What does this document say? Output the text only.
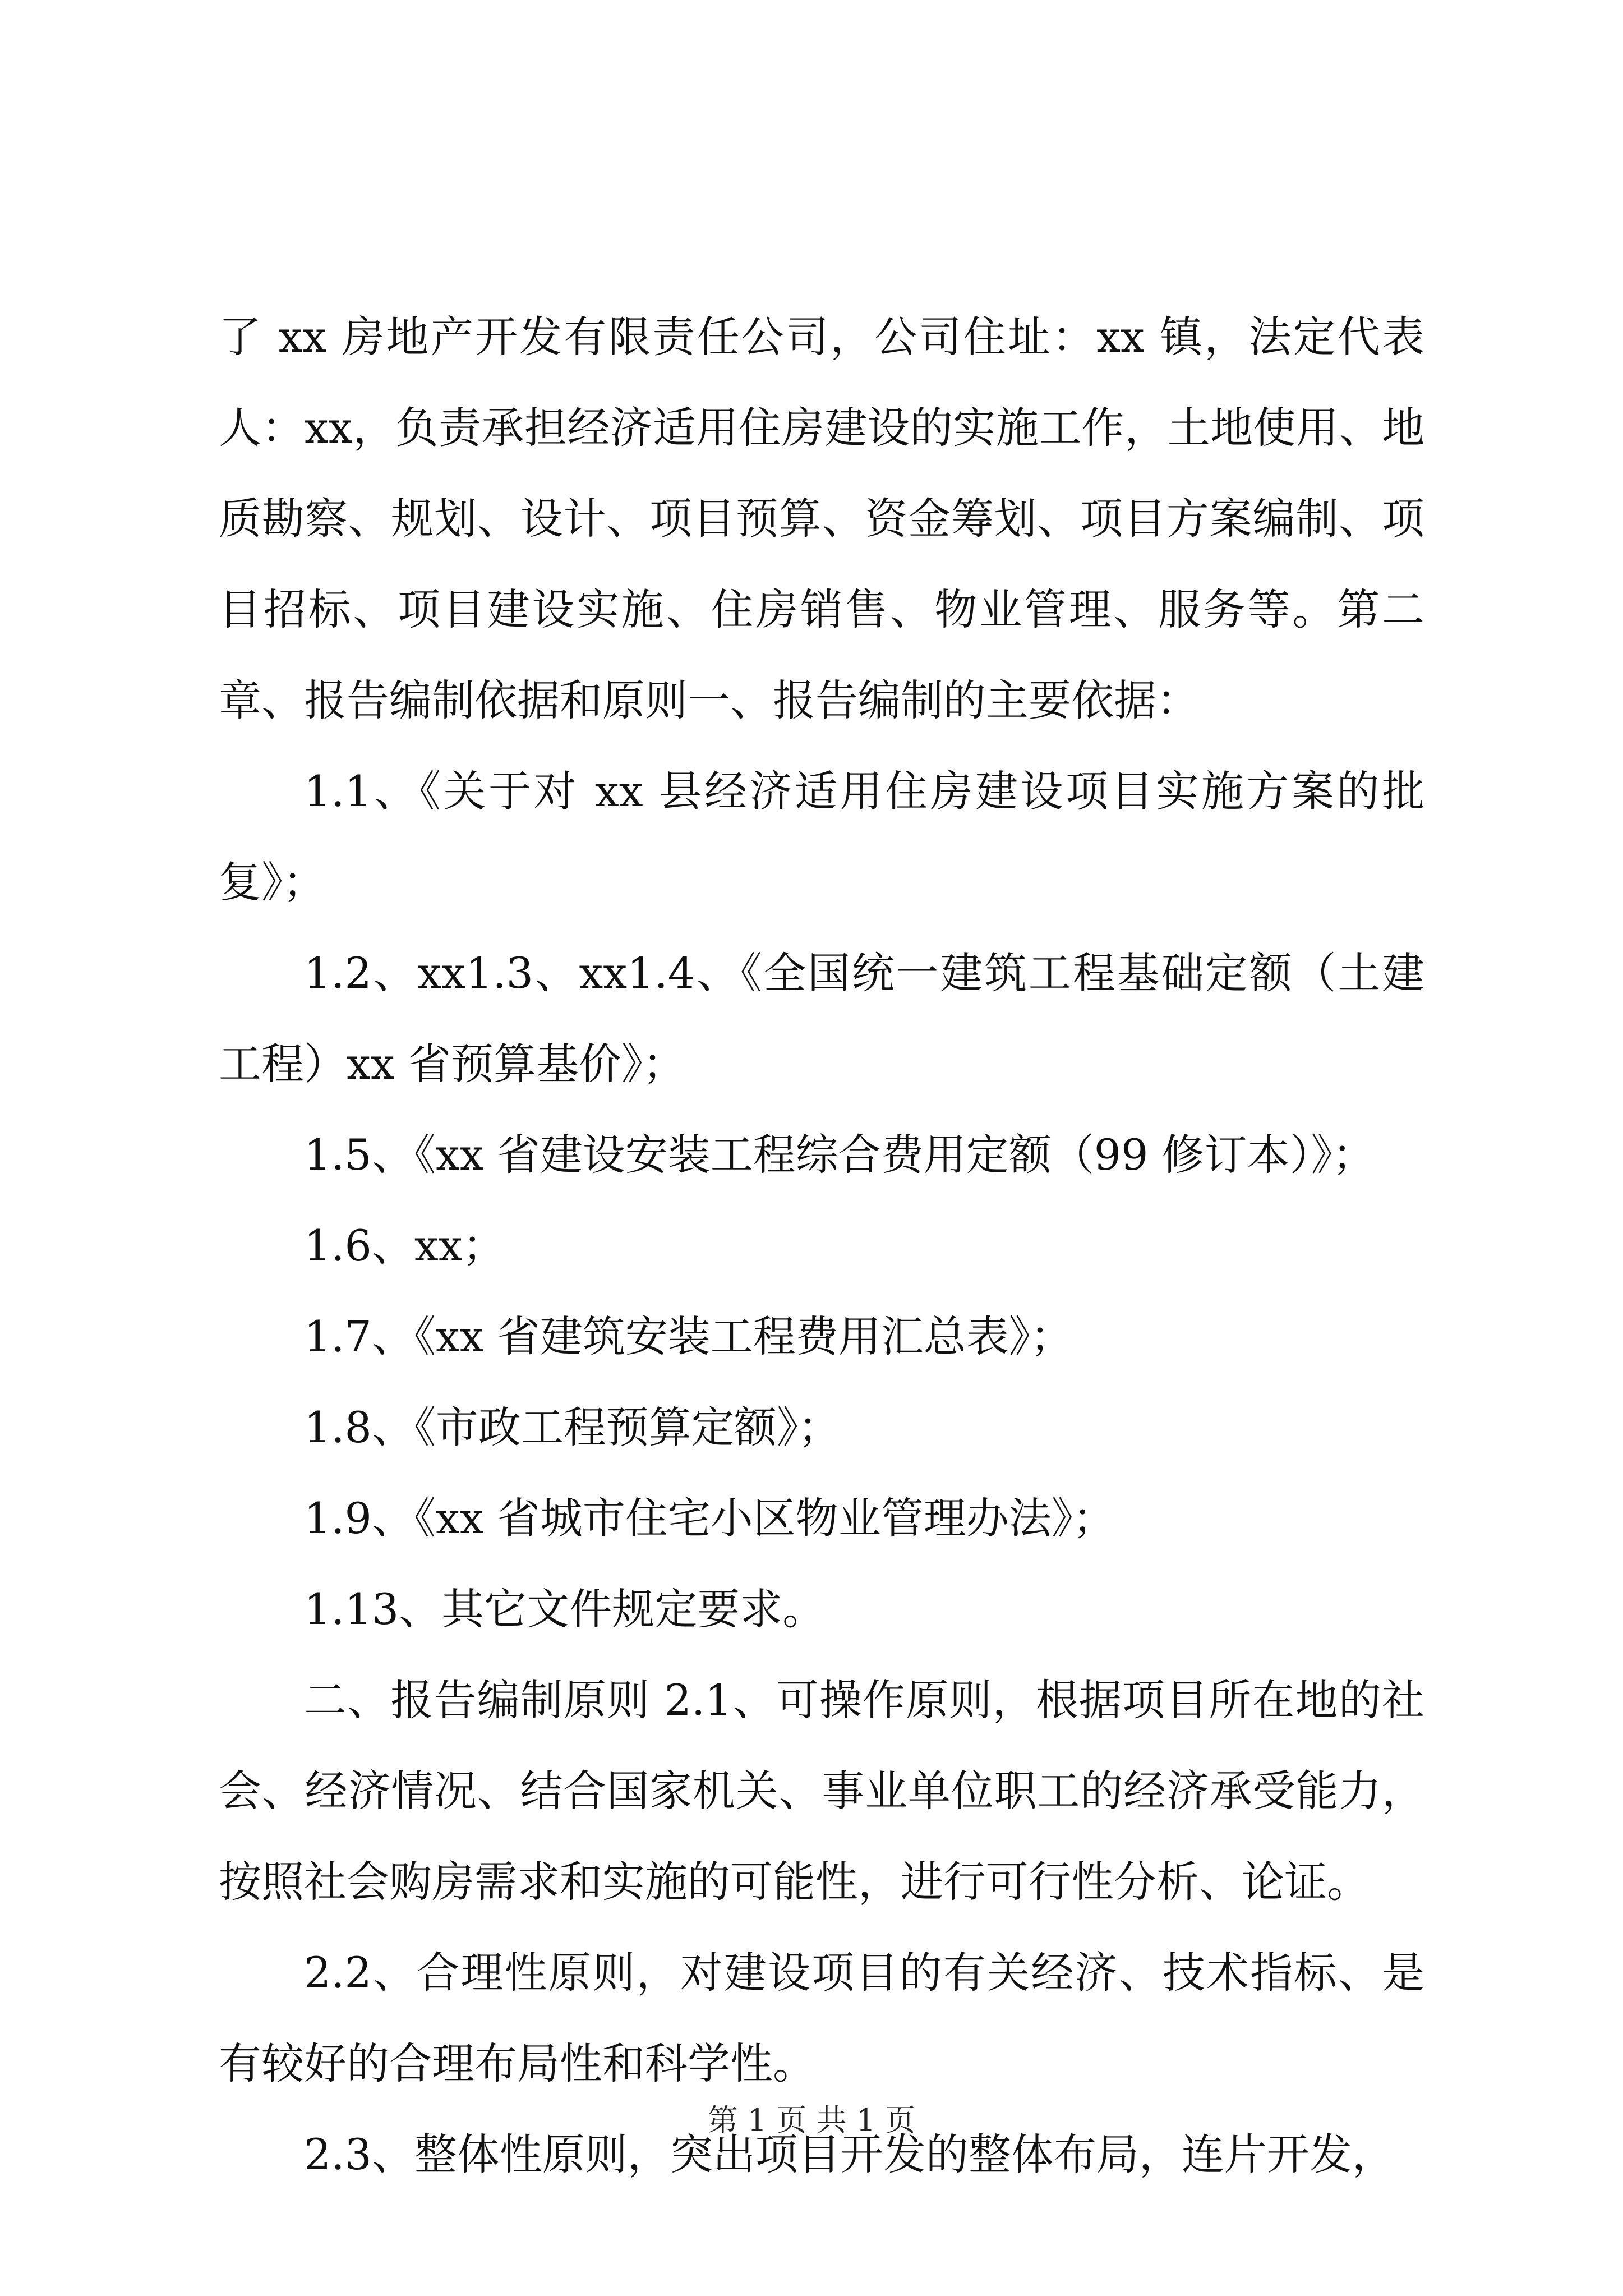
了 xx 房地产开发有限责任公司，公司住址：xx 镇，法定代表人：xx，负责承担经济适用住房建设的实施工作，土地使用、地质勘察、规划、设计、项目预算、资金筹划、项目方案编制、项目招标、项目建设实施、住房销售、物业管理、服务等。第二章、报告编制依据和原则一、报告编制的主要依据：

1.1、《关于对 xx 县经济适用住房建设项目实施方案的批复》；

1.2、xx1.3、xx1.4、《全国统一建筑工程基础定额（土建工程）xx 省预算基价》；

1.5、《xx 省建设安装工程综合费用定额（99 修订本）》；

1.6、xx；

1.7、《xx 省建筑安装工程费用汇总表》；

1.8、《市政工程预算定额》；

1.9、《xx 省城市住宅小区物业管理办法》；

1.13、其它文件规定要求。

二、报告编制原则 2.1、可操作原则，根据项目所在地的社会、经济情况、结合国家机关、事业单位职工的经济承受能力，按照社会购房需求和实施的可能性，进行可行性分析、论证。

2.2、合理性原则，对建设项目的有关经济、技术指标、是有较好的合理布局性和科学性。

2.3、整体性原则，突出项目开发的整体布局，连片开发，

第 1 页 共 1 页
